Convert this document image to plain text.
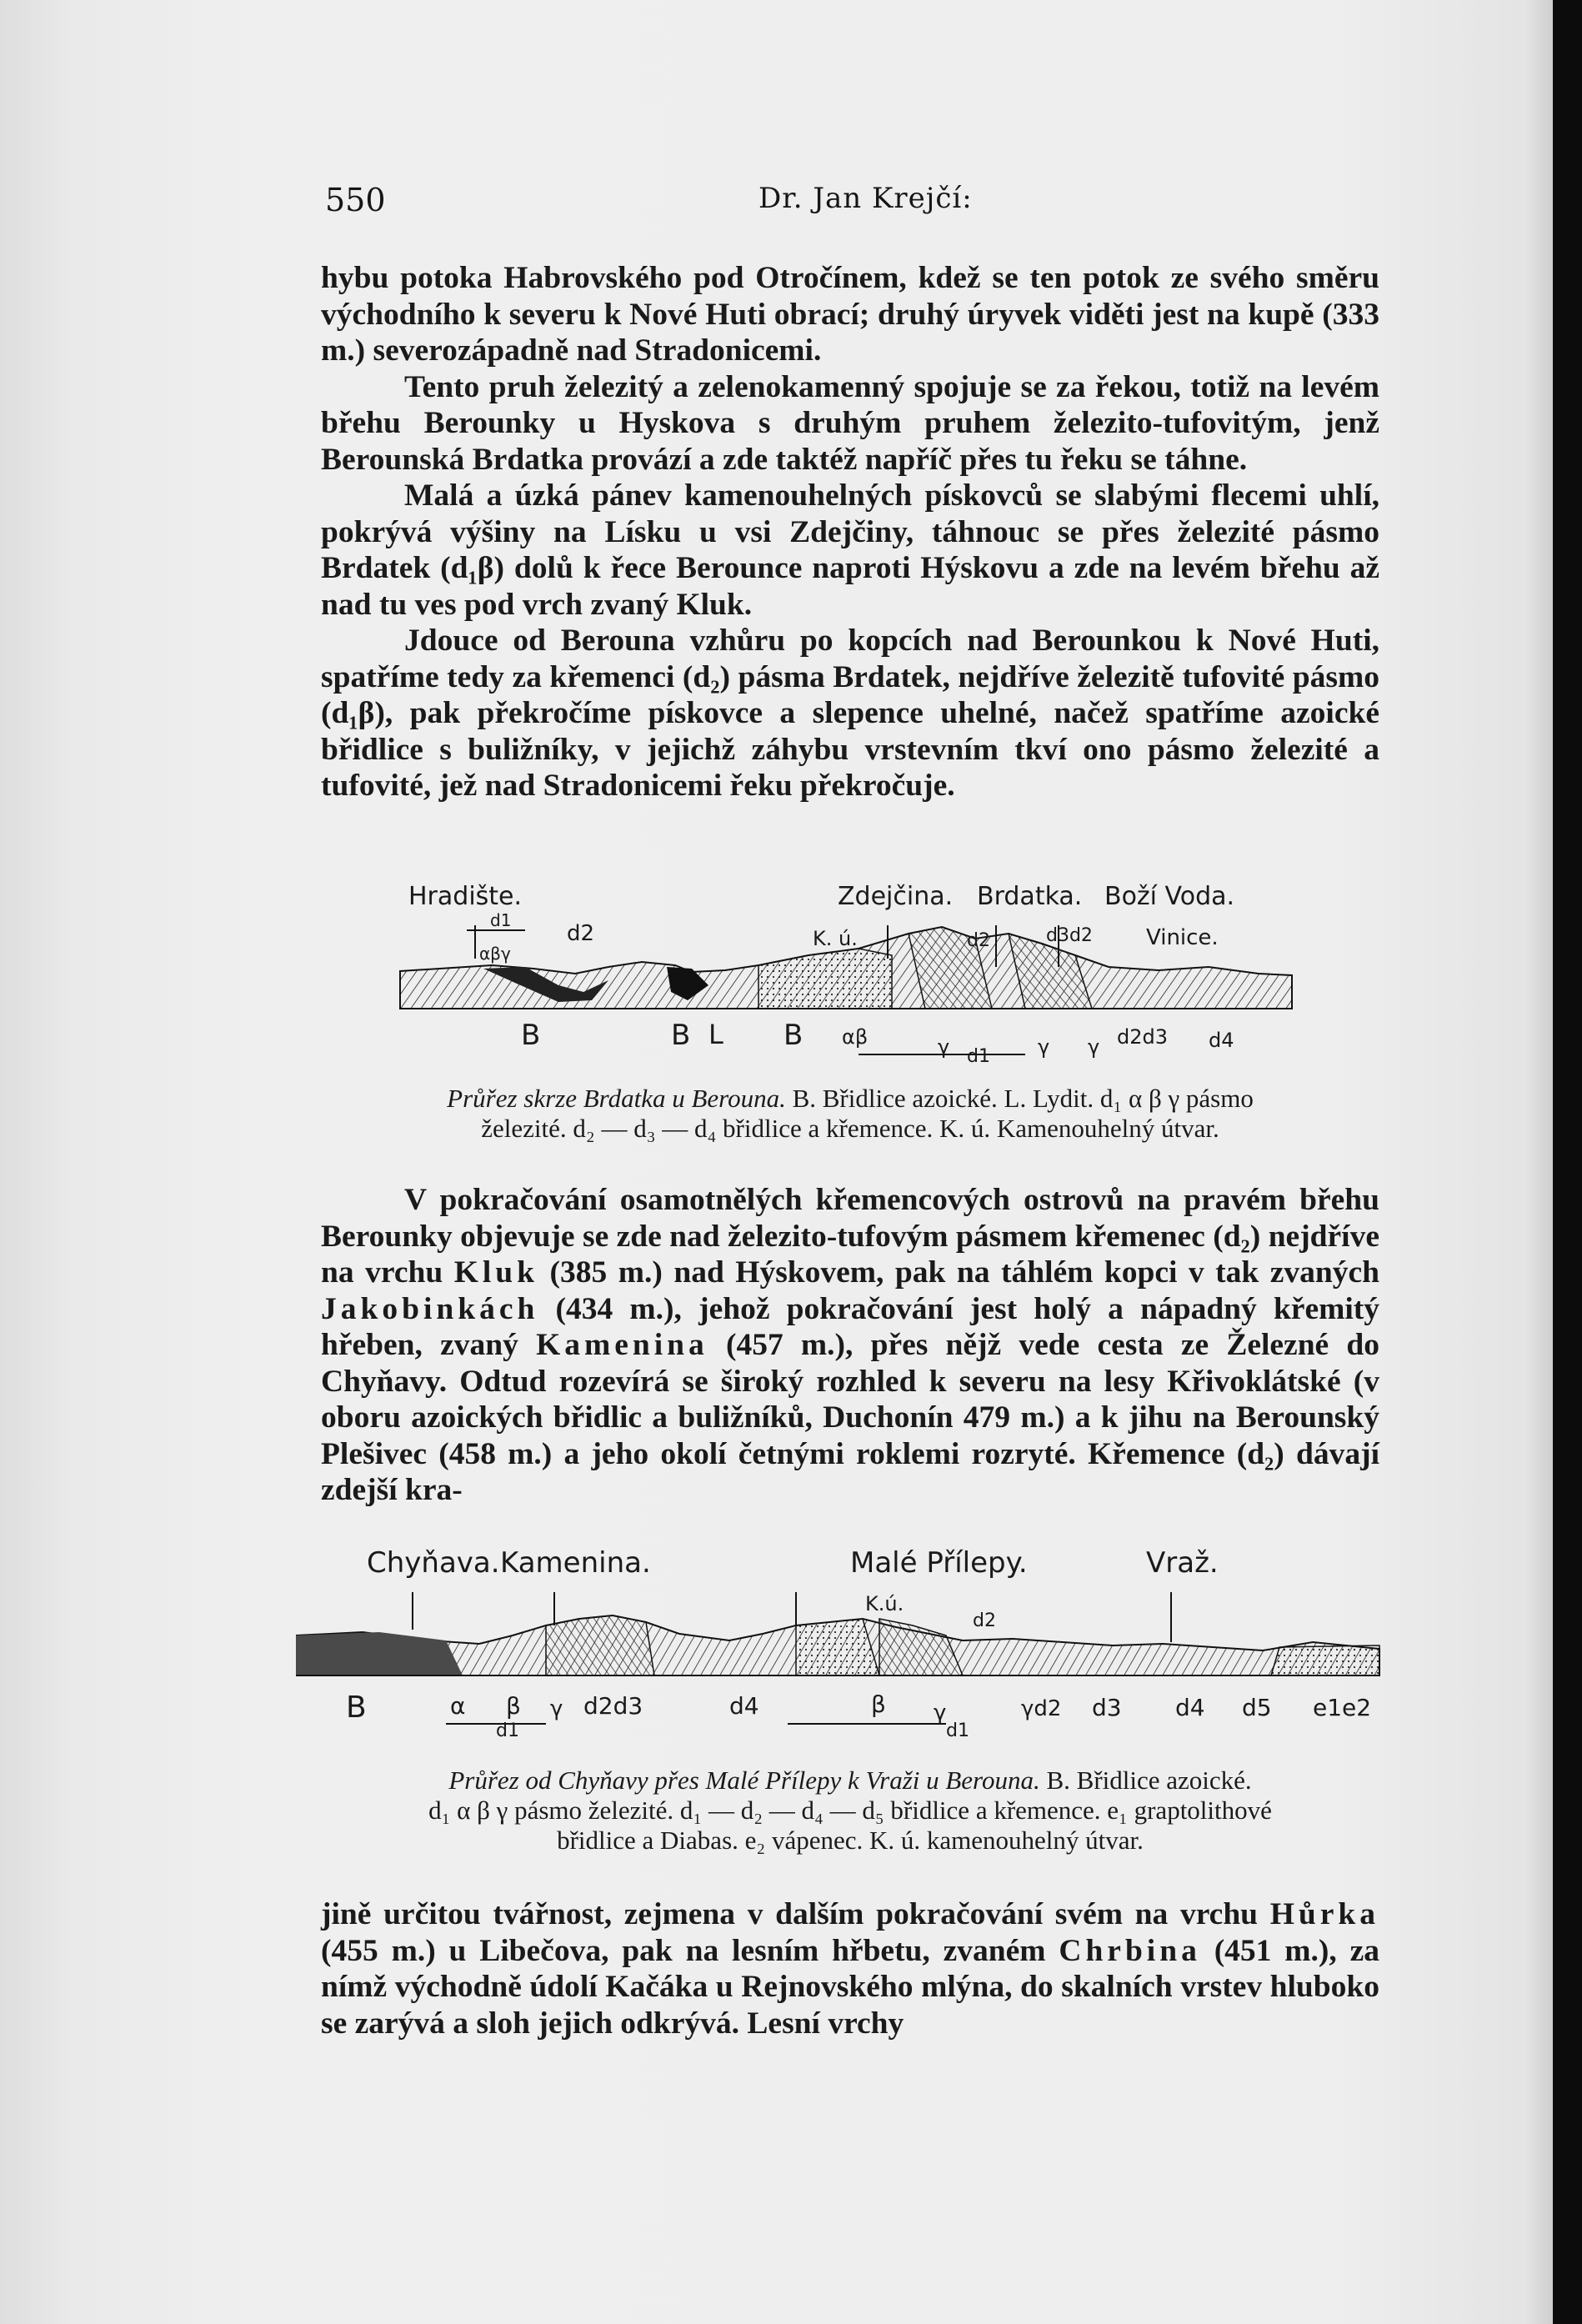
550	Dr. Jan Krejčí:

hybu potoka Habrovského pod Otročínem, kdež se ten potok ze svého směru východního k severu k Nové Huti obrací; druhý úryvek viděti jest na kupě (333 m.) severozápadně nad Stradonicemi.

Tento pruh železitý a zelenokamenný spojuje se za řekou, totiž na levém břehu Berounky u Hyskova s druhým pruhem železito-tufovitým, jenž Berounská Brdatka provází a zde taktéž napříč přes tu řeku se táhne.

Malá a úzká pánev kamenouhelných pískovců se slabými flecemi uhlí, pokrývá výšiny na Lísku u vsi Zdejčiny, táhnouc se přes železité pásmo Brdatek (d₁β) dolů k řece Berounce naproti Hýskovu a zde na levém břehu až nad tu ves pod vrch zvaný Kluk.

Jdouce od Berouna vzhůru po kopcích nad Berounkou k Nové Huti, spatříme tedy za křemenci (d₂) pásma Brdatek, nejdříve železitě tufovité pásmo (d₁β), pak překročíme pískovce a slepence uhelné, načež spatříme azoické břidlice s buližníky, v jejichž záhybu vrstevním tkví ono pásmo železité a tufovité, jež nad Stradonicemi řeku překročuje.

Hradište.	Zdejčina. Brdatka. Boží Voda.
Vinice.
K. ú.
d1
d2
αβγ
d2	d3d2
B	B L B αβ	γ	γ γ
d1
d2d3 d4
Průřez skrze Brdatka u Berouna. B. Břidlice azoické. L. Lydit. d₁ α β γ pásmo
železité. d₂ — d₃ — d₄ břidlice a křemence. K. ú. Kamenouhelný útvar.

V pokračování osamotnělých křemencových ostrovů na pravém břehu Berounky objevuje se zde nad železito-tufovým pásmem křemenec (d₂) nejdříve na vrchu Kluk (385 m.) nad Hýskovem, pak na táhlém kopci v tak zvaných Jakobinkách (434 m.), jehož pokračování jest holý a nápadný křemitý hřeben, zvaný Kamenina (457 m.), přes nějž vede cesta ze Železné do Chyňavy. Odtud rozevírá se široký rozhled k severu na lesy Křivoklátské (v oboru azoických břidlic a buližníků, Duchonín 479 m.) a k jihu na Berounský Plešivec (458 m.) a jeho okolí četnými roklemi rozryté. Křemence (d₂) dávají zdejší kra-

Chyňava. Kamenina.	Malé Přílepy.	Vraž.
K.ú.
d2
B	α β γ d2d3	d4
d1
β γ	γd2 d3 d4 d5 e1e2
d1
Průřez od Chyňavy přes Malé Přílepy k Vraži u Berouna. B. Břidlice azoické.
d₁ α β γ pásmo železité. d₁ — d₂ — d₄ — d₅ břidlice a křemence. e₁ graptolithové
břidlice a Diabas. e₂ vápenec. K. ú. kamenouhelný útvar.

jině určitou tvářnost, zejmena v dalším pokračování svém na vrchu Hůrka (455 m.) u Libečova, pak na lesním hřbetu, zvaném Chrbina (451 m.), za nímž východně údolí Kačáka u Rejnovského mlýna, do skalních vrstev hluboko se zarývá a sloh jejich odkrývá. Lesní vrchy
